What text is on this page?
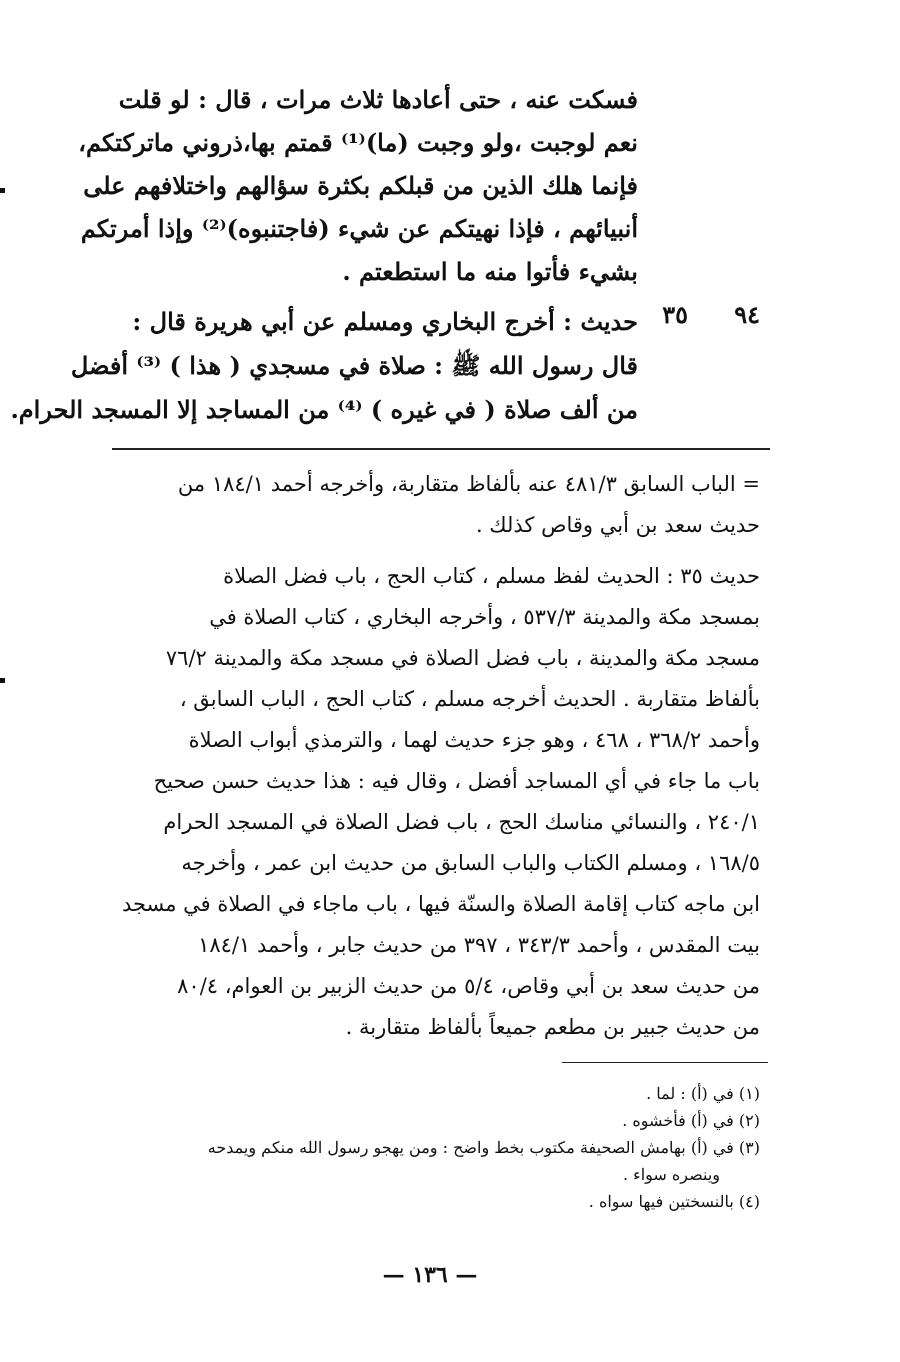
فسكت عنه ، حتى أعادها ثلاث مرات ، قال : لو قلت
نعم لوجبت ،ولو وجبت (ما)⁽¹⁾ قمتم بها،ذروني ماتركتكم،
فإنما هلك الذين من قبلكم بكثرة سؤالهم واختلافهم على
أنبيائهم ، فإذا نهيتكم عن شيء (فاجتنبوه)⁽²⁾ وإذا أمرتكم
بشيء فأتوا منه ما استطعتم .
٩٤
٣٥
حديث : أخرج البخاري ومسلم عن أبي هريرة قال :
قال رسول الله ﷺ : صلاة في مسجدي ( هذا ) ⁽³⁾ أفضل
من ألف صلاة ( في غيره ) ⁽⁴⁾ من المساجد إلا المسجد الحرام.
= الباب السابق ٤٨١/٣ عنه بألفاظ متقاربة، وأخرجه أحمد ١٨٤/١ من
حديث سعد بن أبي وقاص كذلك .
حديث ٣٥ : الحديث لفظ مسلم ، كتاب الحج ، باب فضل الصلاة
بمسجد مكة والمدينة ٥٣٧/٣ ، وأخرجه البخاري ، كتاب الصلاة في
مسجد مكة والمدينة ، باب فضل الصلاة في مسجد مكة والمدينة ٧٦/٢
بألفاظ متقاربة . الحديث أخرجه مسلم ، كتاب الحج ، الباب السابق ،
وأحمد ٣٦٨/٢ ، ٤٦٨ ، وهو جزء حديث لهما ، والترمذي أبواب الصلاة
باب ما جاء في أي المساجد أفضل ، وقال فيه : هذا حديث حسن صحيح
٢٤٠/١ ، والنسائي مناسك الحج ، باب فضل الصلاة في المسجد الحرام
١٦٨/٥ ، ومسلم الكتاب والباب السابق من حديث ابن عمر ، وأخرجه
ابن ماجه كتاب إقامة الصلاة والسنّة فيها ، باب ماجاء في الصلاة في مسجد
بيت المقدس ، وأحمد ٣٤٣/٣ ، ٣٩٧ من حديث جابر ، وأحمد ١٨٤/١
من حديث سعد بن أبي وقاص، ٥/٤ من حديث الزبير بن العوام، ٨٠/٤
من حديث جبير بن مطعم جميعاً بألفاظ متقاربة .
(١) في (أ) : لما .
(٢) في (أ) فأخشوه .
(٣) في (أ) بهامش الصحيفة مكتوب بخط واضح : ومن يهجو رسول الله منكم ويمدحه
وينصره سواء .
(٤) بالنسختين فيها سواه .
— ١٣٦ —
